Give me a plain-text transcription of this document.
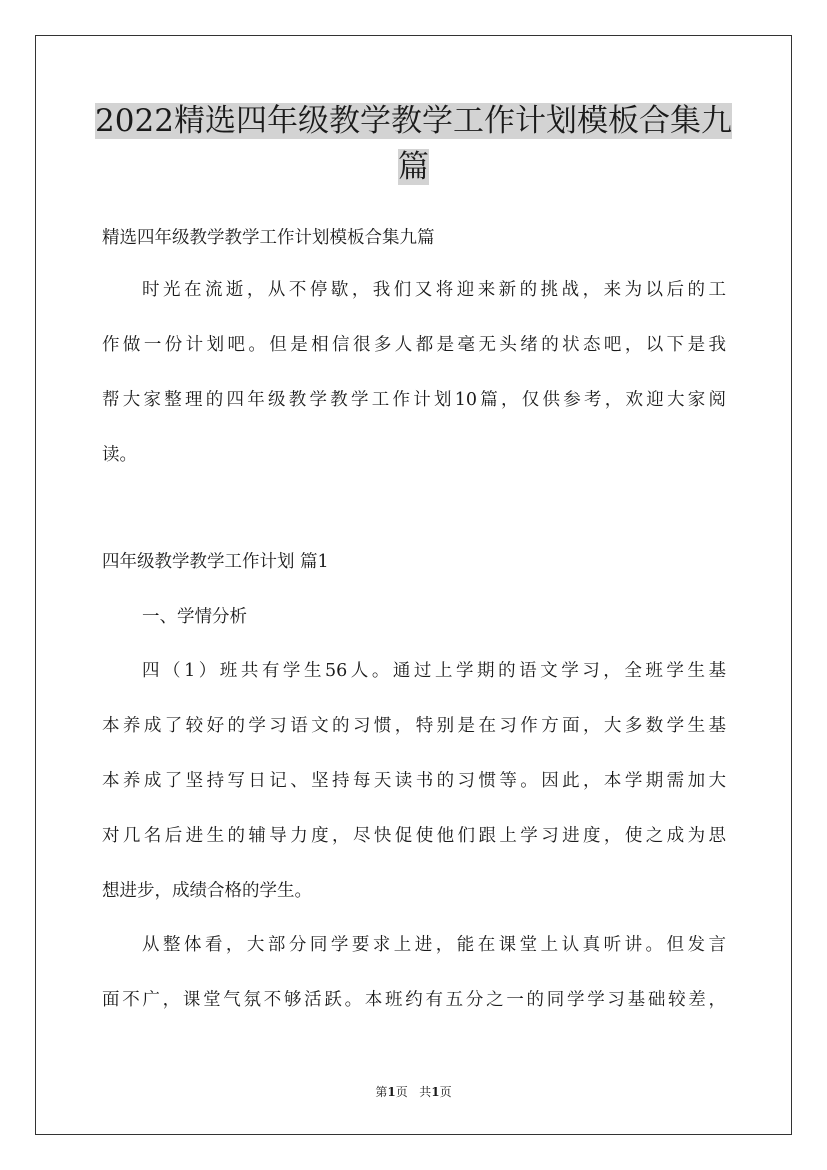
2022精选四年级教学教学工作计划模板合集九
篇

精选四年级教学教学工作计划模板合集九篇

时光在流逝，从不停歇，我们又将迎来新的挑战，来为以后的工

作做一份计划吧。但是相信很多人都是毫无头绪的状态吧，以下是我

帮大家整理的四年级教学教学工作计划10篇，仅供参考，欢迎大家阅

读。

四年级教学教学工作计划 篇1

一、学情分析

四（1）班共有学生56人。通过上学期的语文学习，全班学生基

本养成了较好的学习语文的习惯，特别是在习作方面，大多数学生基

本养成了坚持写日记、坚持每天读书的习惯等。因此，本学期需加大

对几名后进生的辅导力度，尽快促使他们跟上学习进度，使之成为思

想进步，成绩合格的学生。

从整体看，大部分同学要求上进，能在课堂上认真听讲。但发言

面不广，课堂气氛不够活跃。本班约有五分之一的同学学习基础较差，

第1页 共1页
